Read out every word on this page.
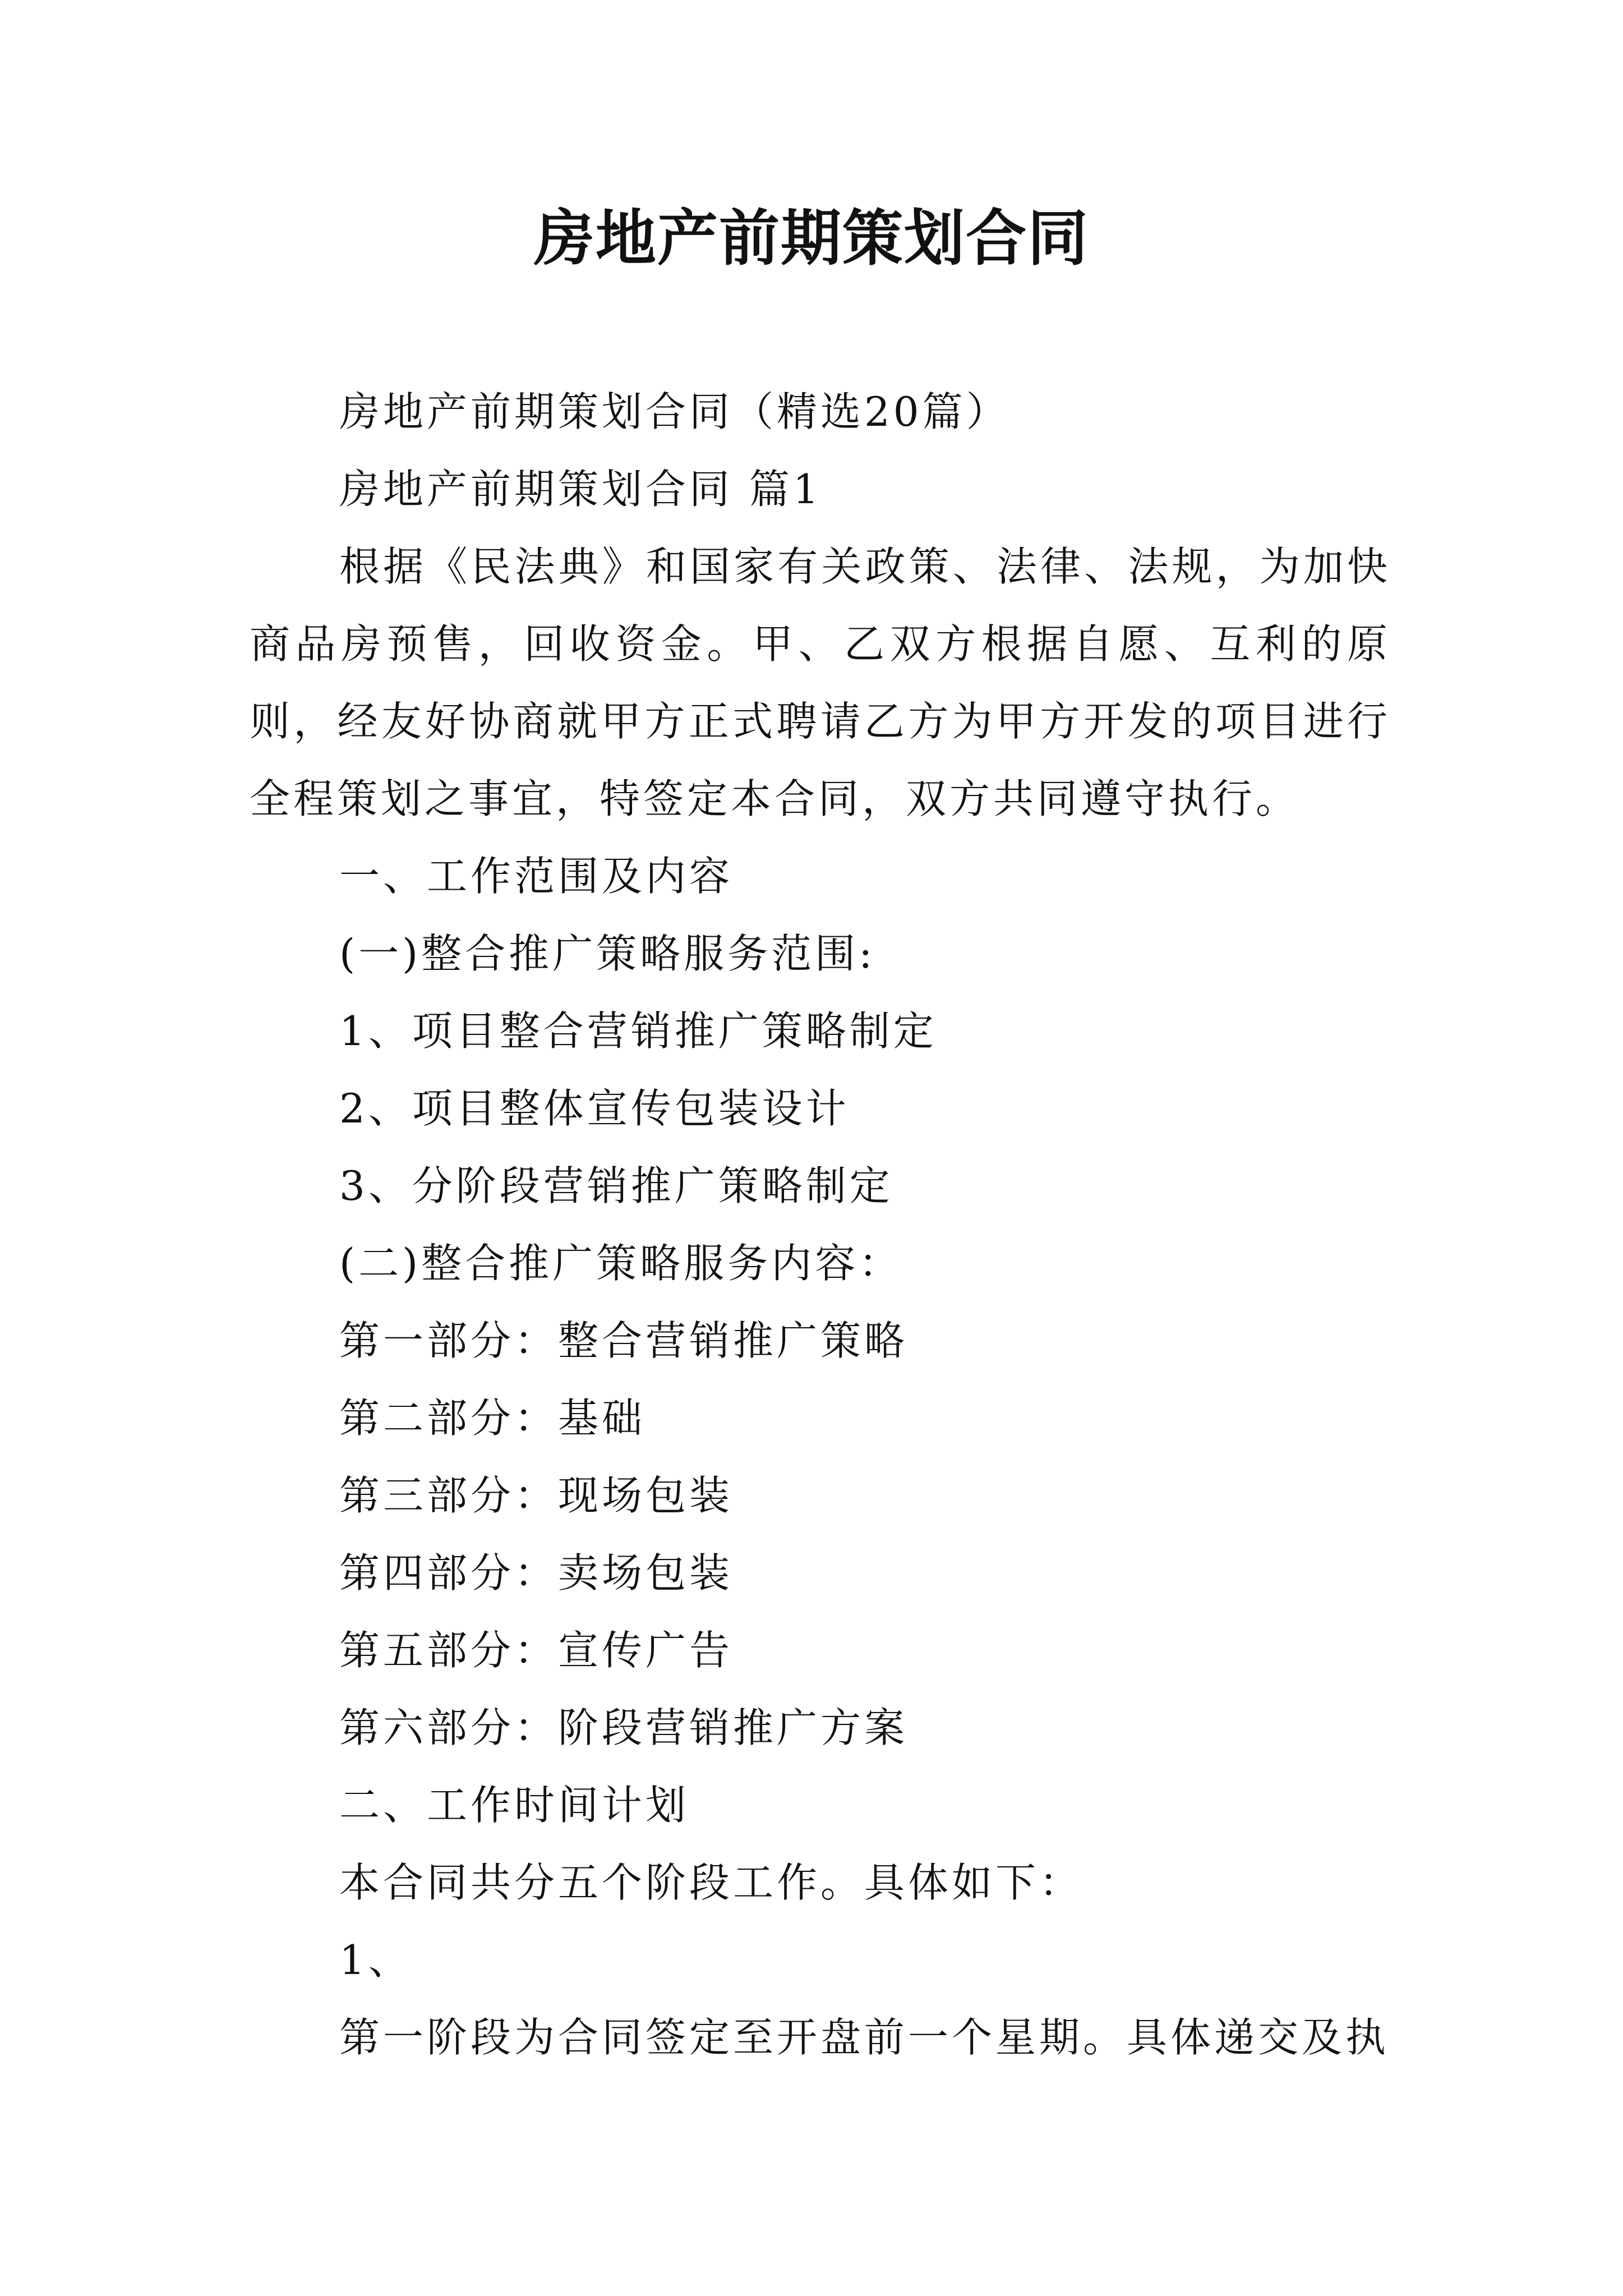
房地产前期策划合同

房地产前期策划合同（精选20篇）

房地产前期策划合同 篇1

根据《民法典》和国家有关政策、法律、法规，为加快商品房预售，回收资金。甲、乙双方根据自愿、互利的原则，经友好协商就甲方正式聘请乙方为甲方开发的项目进行全程策划之事宜，特签定本合同，双方共同遵守执行。

一、工作范围及内容

(一)整合推广策略服务范围:

1、项目整合营销推广策略制定

2、项目整体宣传包装设计

3、分阶段营销推广策略制定

(二)整合推广策略服务内容：

第一部分：整合营销推广策略

第二部分：基础

第三部分：现场包装

第四部分：卖场包装

第五部分：宣传广告

第六部分：阶段营销推广方案

二、工作时间计划

本合同共分五个阶段工作。具体如下：

1、

第一阶段为合同签定至开盘前一个星期。具体递交及执
